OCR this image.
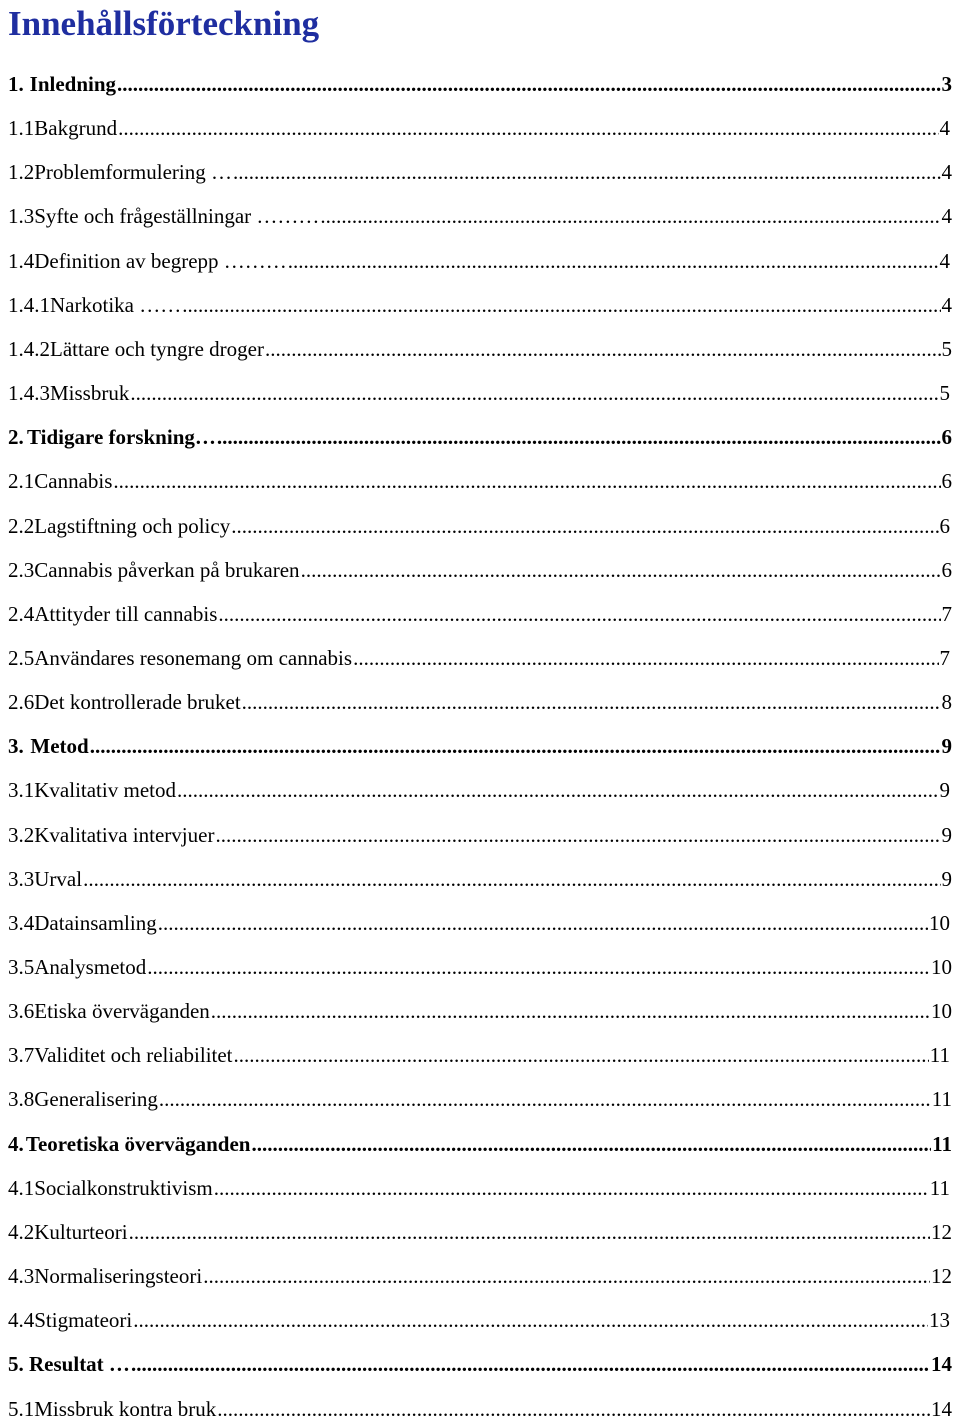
Innehållsförteckning
1. Inledning .....	3
1.1 Bakgrund .....	4
1.2 Problemformulering … .....	4
1.3 Syfte och frågeställningar ……… .....	4
1.4 Definition av begrepp ……… .....	4
1.4.1 Narkotika …… .....	4
1.4.2 Lättare och tyngre droger .....	5
1.4.3 Missbruk .....	5
2. Tidigare forskning… .....	6
2.1 Cannabis .....	6
2.2 Lagstiftning och policy .....	6
2.3 Cannabis påverkan på brukaren .....	6
2.4 Attityder till cannabis .....	7
2.5 Användares resonemang om cannabis .....	7
2.6 Det kontrollerade bruket .....	8
3. Metod .....	9
3.1 Kvalitativ metod .....	9
3.2 Kvalitativa intervjuer .....	9
3.3 Urval .....	9
3.4 Datainsamling .....	10
3.5 Analysmetod .....	10
3.6 Etiska överväganden .....	10
3.7 Validitet och reliabilitet .....	11
3.8 Generalisering .....	11
4. Teoretiska överväganden .....	11
4.1 Socialkonstruktivism .....	11
4.2 Kulturteori .....	12
4.3 Normaliseringsteori .....	12
4.4 Stigmateori .....	13
5. Resultat … .....	14
5.1 Missbruk kontra bruk .....	14
